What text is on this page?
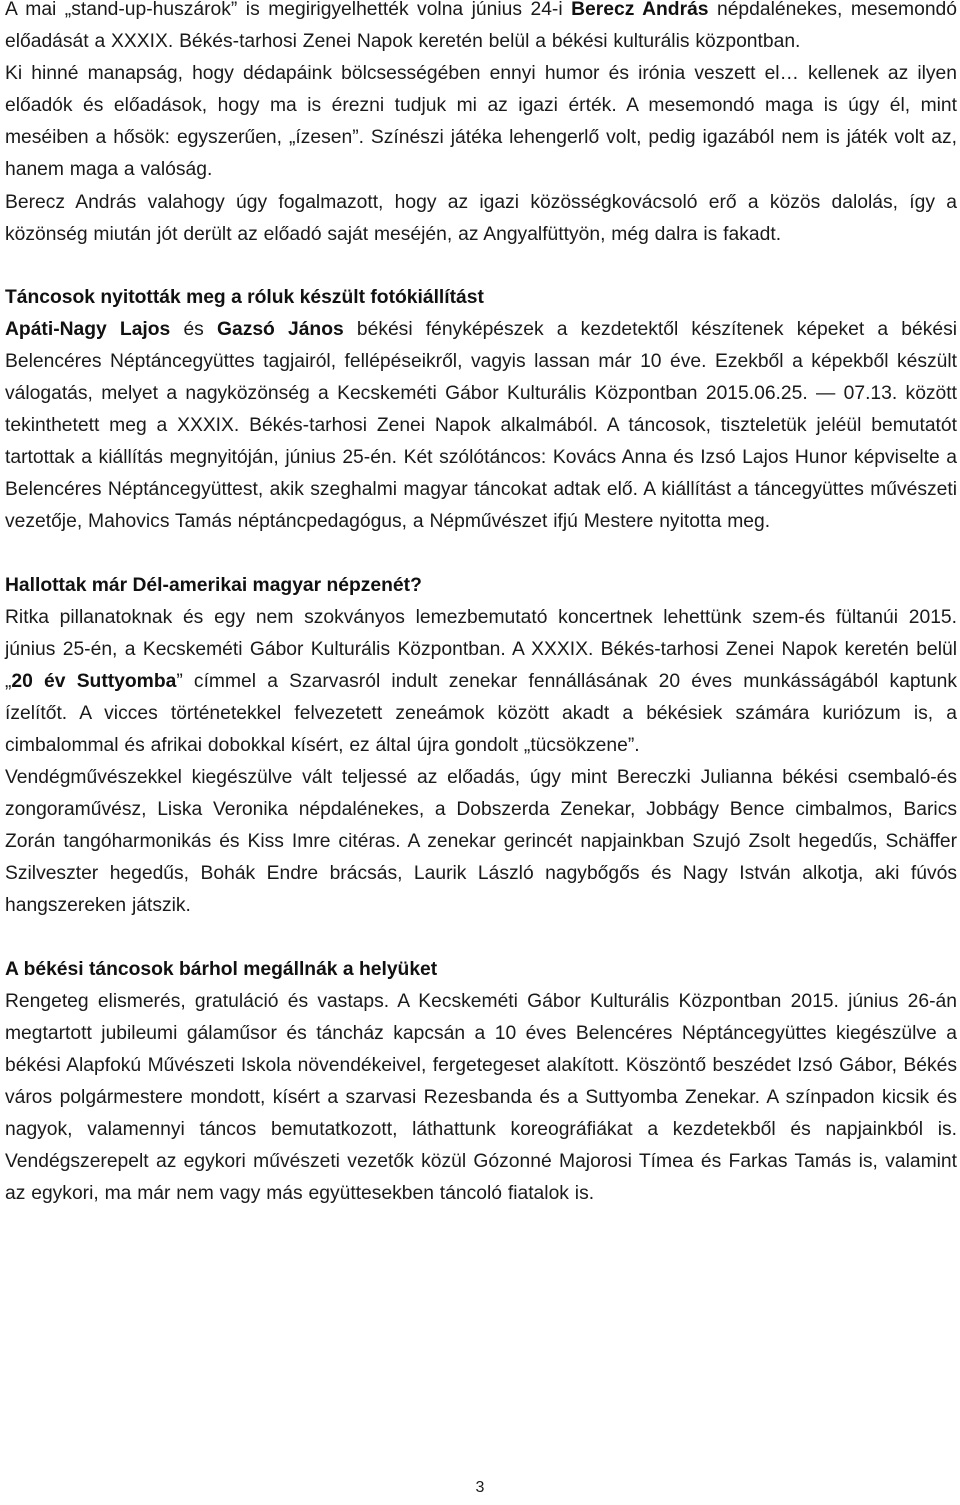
A mai „stand-up-huszárok” is megirigyelhették volna június 24-i Berecz András népdalénekes, mesemondó előadását a XXXIX. Békés-tarhosi Zenei Napok keretén belül a békési kulturális központban.

Ki hinné manapság, hogy dédapáink bölcsességében ennyi humor és irónia veszett el… kellenek az ilyen előadók és előadások, hogy ma is érezni tudjuk mi az igazi érték. A mesemondó maga is úgy él, mint meséiben a hősök: egyszerűen, „ízesen”. Színészi játéka lehengerlő volt, pedig igazából nem is játék volt az, hanem maga a valóság.

Berecz András valahogy úgy fogalmazott, hogy az igazi közösségkovácsoló erő a közös dalolás, így a közönség miután jót derült az előadó saját meséjén, az Angyalfüttyön, még dalra is fakadt.

Táncosok nyitották meg a róluk készült fotókiállítást

Apáti-Nagy Lajos és Gazsó János békési fényképészek a kezdetektől készítenek képeket a békési Belencéres Néptáncegyüttes tagjairól, fellépéseikről, vagyis lassan már 10 éve. Ezekből a képekből készült válogatás, melyet a nagyközönség a Kecskeméti Gábor Kulturális Központban 2015.06.25. — 07.13. között tekinthetett meg a XXXIX. Békés-tarhosi Zenei Napok alkalmából. A táncosok, tiszteletük jeléül bemutatót tartottak a kiállítás megnyitóján, június 25-én. Két szólótáncos: Kovács Anna és Izsó Lajos Hunor képviselte a Belencéres Néptáncegyüttest, akik szeghalmi magyar táncokat adtak elő. A kiállítást a táncegyüttes művészeti vezetője, Mahovics Tamás néptáncpedagógus, a Népművészet ifjú Mestere nyitotta meg.

Hallottak már Dél-amerikai magyar népzenét?

Ritka pillanatoknak és egy nem szokványos lemezbemutató koncertnek lehettünk szem-és fültanúi 2015. június 25-én, a Kecskeméti Gábor Kulturális Központban. A XXXIX. Békés-tarhosi Zenei Napok keretén belül „20 év Suttyomba” címmel a Szarvasról indult zenekar fennállásának 20 éves munkásságából kaptunk ízelítőt. A vicces történetekkel felvezetett zeneámok között akadt a békésiek számára kuriózum is, a cimbalommal és afrikai dobokkal kísért, ez által újra gondolt „tücsökzene”.

Vendégművészekkel kiegészülve vált teljessé az előadás, úgy mint Bereczki Julianna békési csembaló-és zongoraművész, Liska Veronika népdalénekes, a Dobszerda Zenekar, Jobbágy Bence cimbalmos, Barics Zorán tangóharmonikás és Kiss Imre citéras. A zenekar gerincét napjainkban Szujó Zsolt hegedűs, Schäffer Szilveszter hegedűs, Bohák Endre brácsás, Laurik László nagybőgős és Nagy István alkotja, aki fúvós hangszereken játszik.

A békési táncosok bárhol megállnák a helyüket

Rengeteg elismerés, gratuláció és vastaps. A Kecskeméti Gábor Kulturális Központban 2015. június 26-án megtartott jubileumi gálaműsor és táncház kapcsán a 10 éves Belencéres Néptáncegyüttes kiegészülve a békési Alapfokú Művészeti Iskola növendékeivel, fergetegeset alakított. Köszöntő beszédet Izsó Gábor, Békés város polgármestere mondott, kísért a szarvasi Rezesbanda és a Suttyomba Zenekar. A színpadon kicsik és nagyok, valamennyi táncos bemutatkozott, láthattunk koreográfiákat a kezdetekből és napjainkból is. Vendégszerepelt az egykori művészeti vezetők közül Gózonné Majorosi Tímea és Farkas Tamás is, valamint az egykori, ma már nem vagy más együttesekben táncoló fiatalok is.

3
